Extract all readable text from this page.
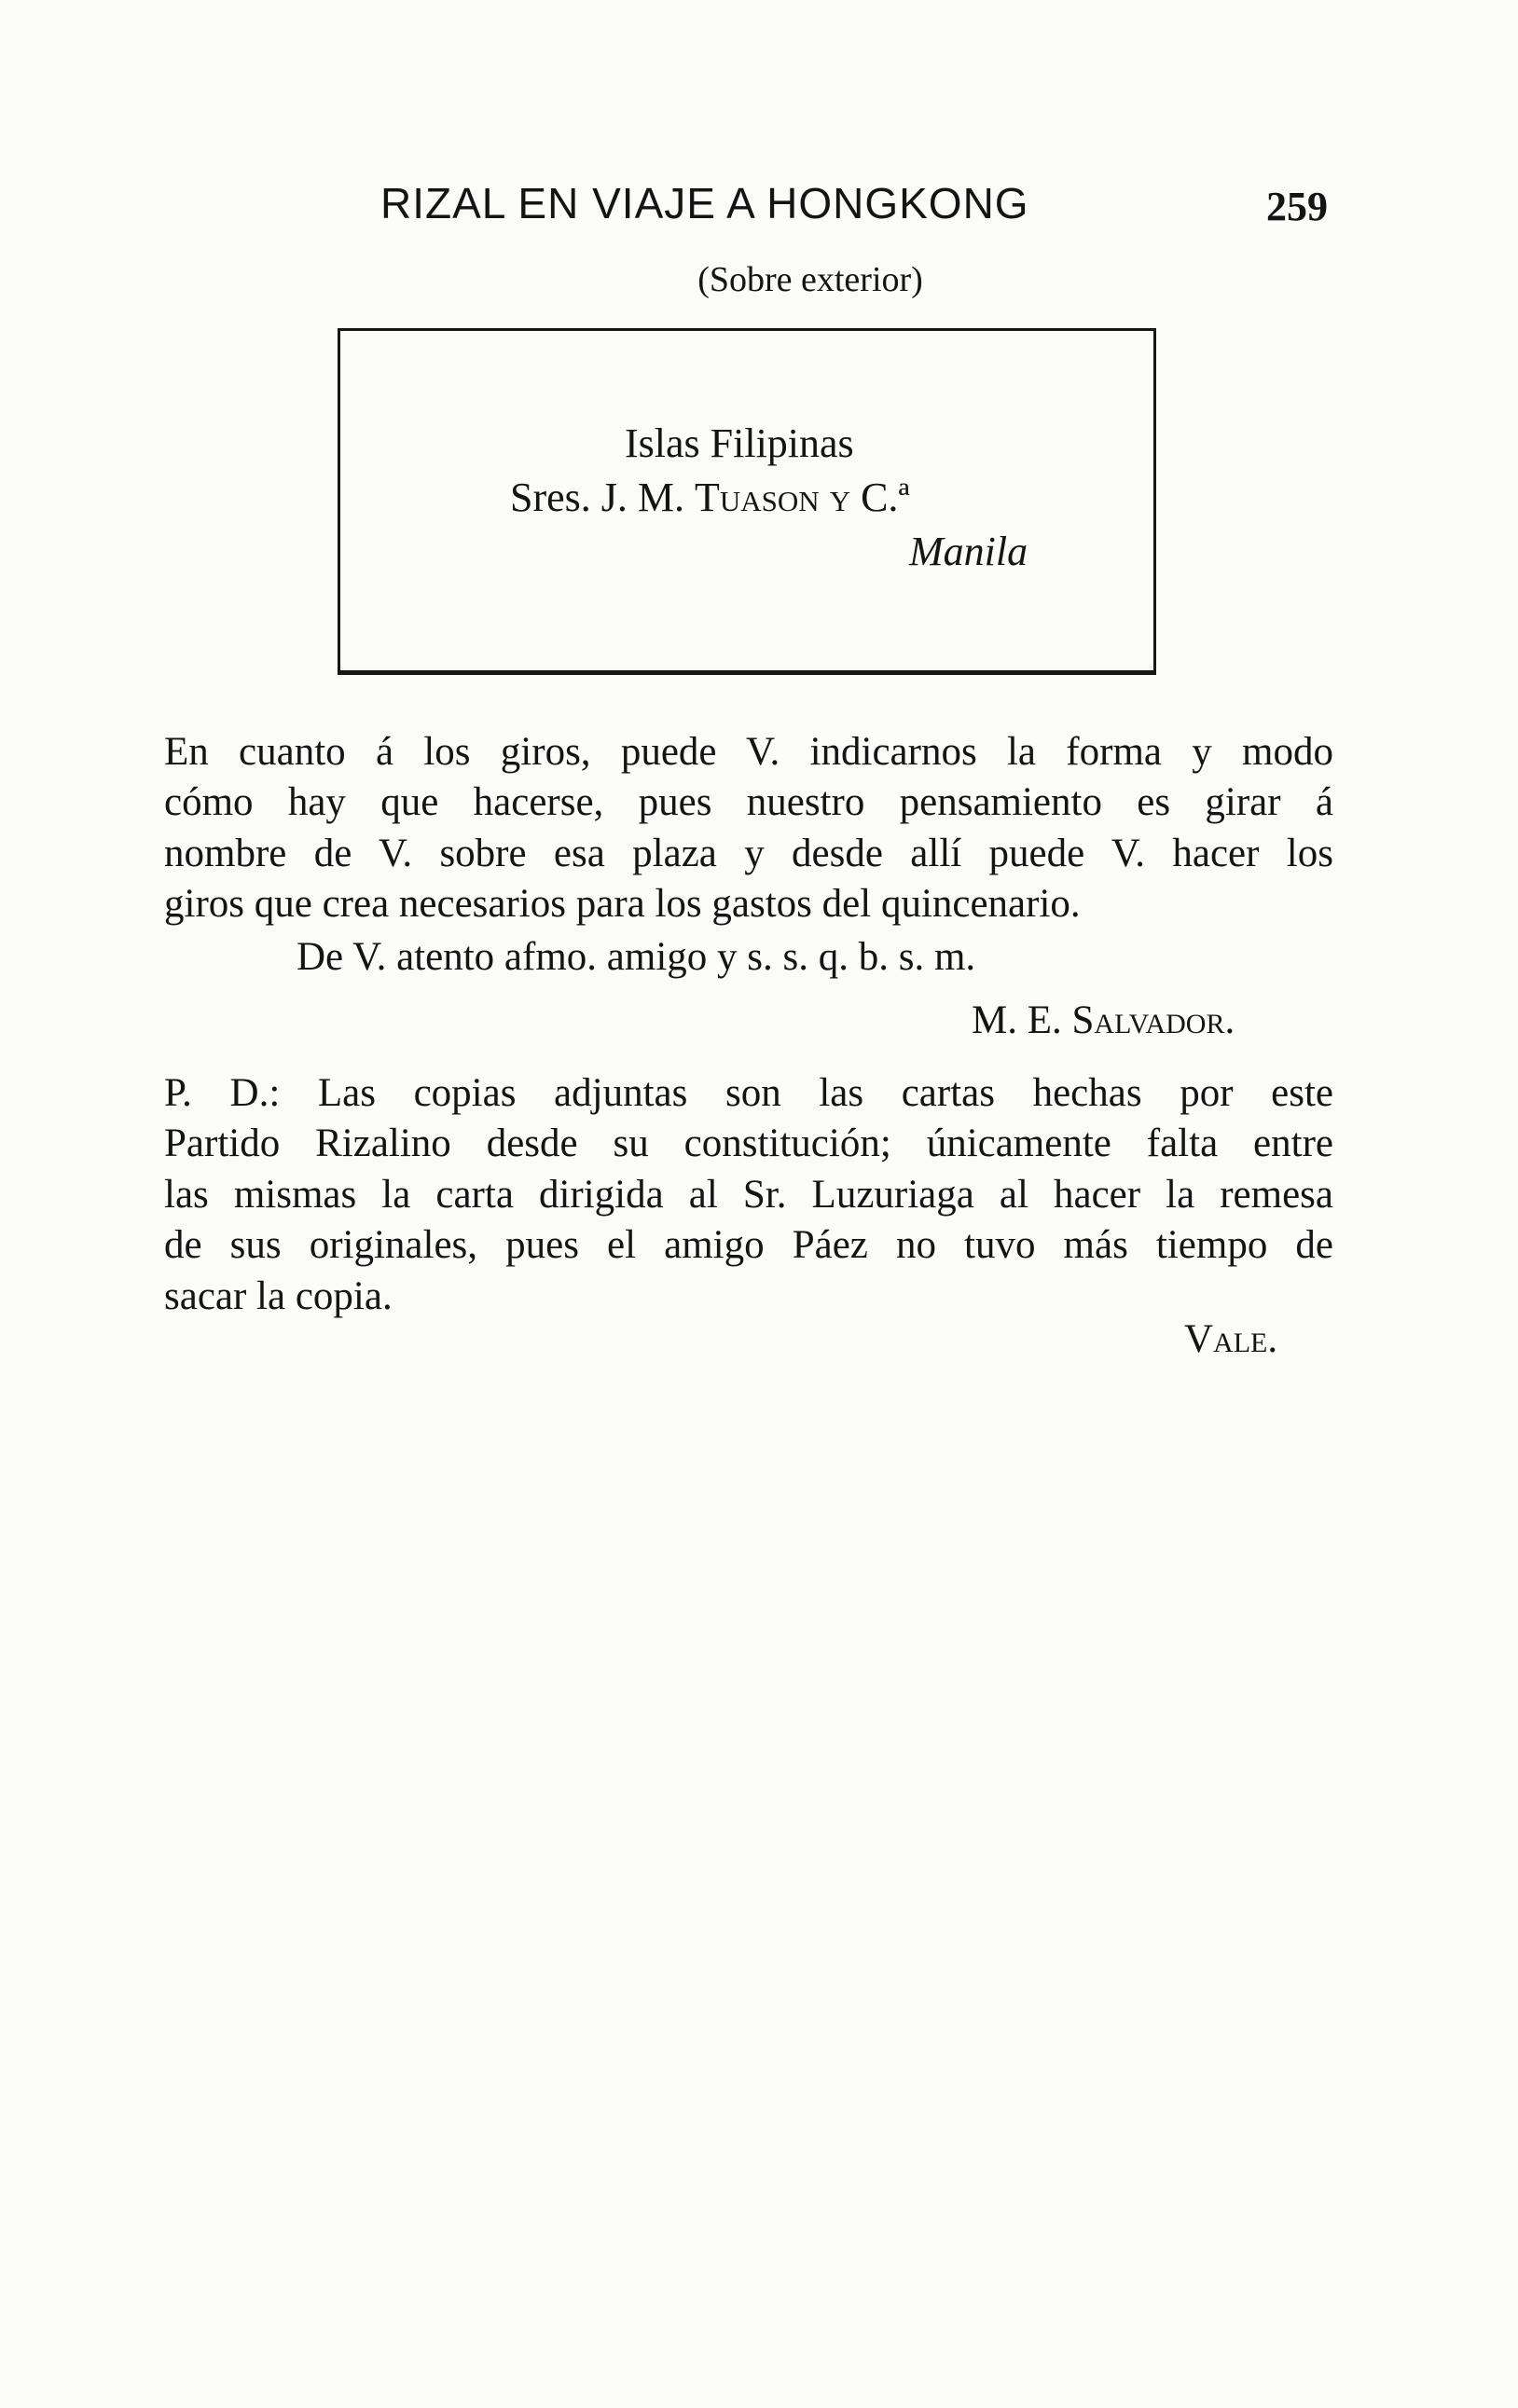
RIZAL EN VIAJE A HONGKONG	259
(Sobre exterior)
Islas Filipinas
Sres. J. M. Tuason y C.ª
Manila
En cuanto á los giros, puede V. indicarnos la forma y modo
cómo hay que hacerse, pues nuestro pensamiento es girar á
nombre de V. sobre esa plaza y desde allí puede V. hacer los
giros que crea necesarios para los gastos del quincenario.
De V. atento afmo. amigo y s. s. q. b. s. m.
M. E. Salvador.
P. D.: Las copias adjuntas son las cartas hechas por este
Partido Rizalino desde su constitución; únicamente falta entre
las mismas la carta dirigida al Sr. Luzuriaga al hacer la remesa
de sus originales, pues el amigo Páez no tuvo más tiempo de
sacar la copia.
Vale.
